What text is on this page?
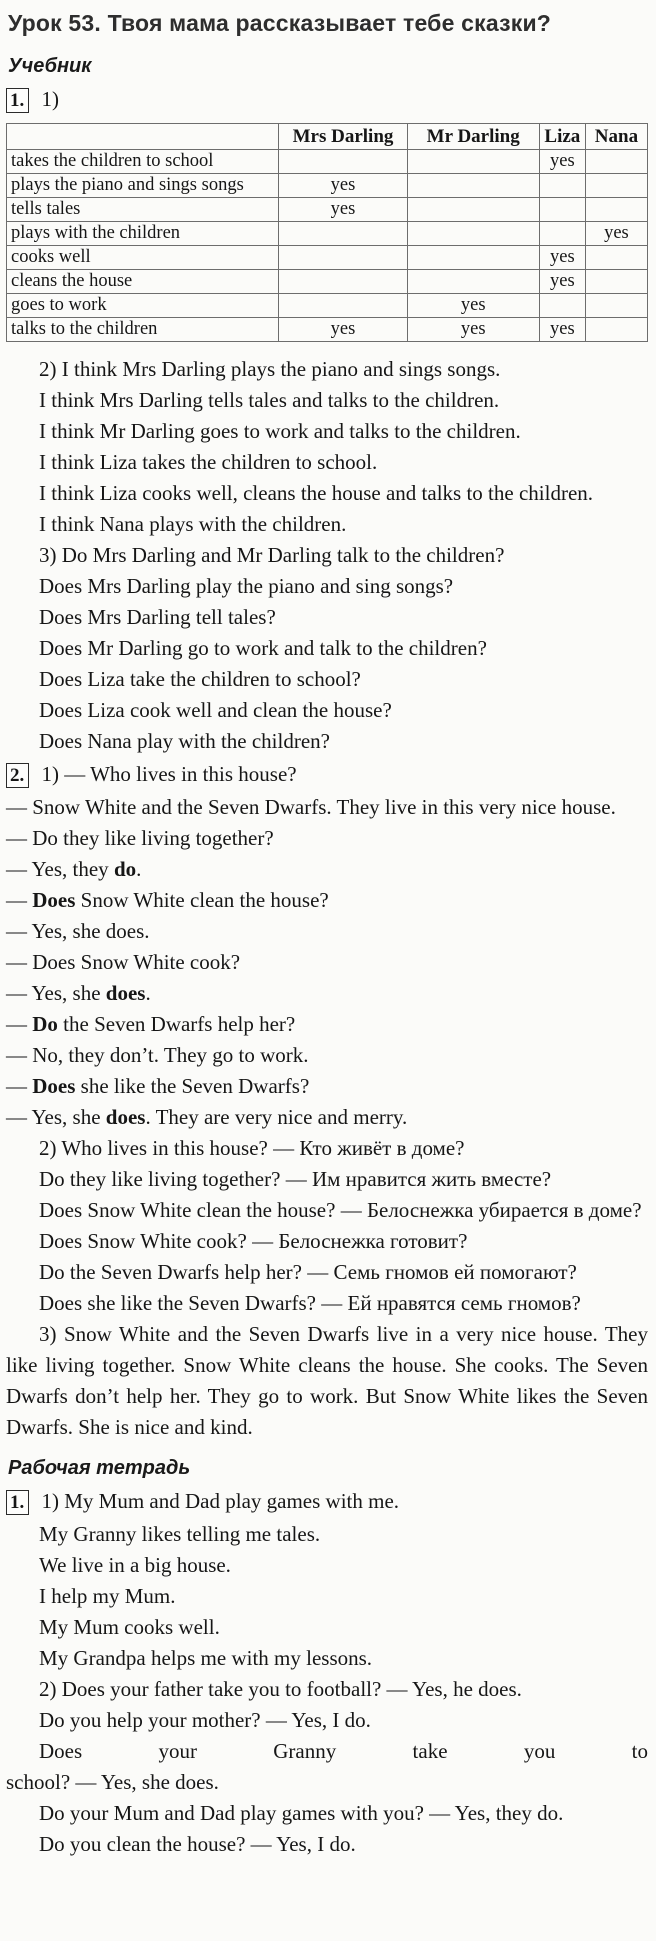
Урок 53. Твоя мама рассказывает тебе сказки?
Учебник

1. 1)

	Mrs Darling	Mr Darling	Liza	Nana
takes the children to school			yes	
plays the piano and sings songs	yes			
tells tales	yes			
plays with the children				yes
cooks well			yes	
cleans the house			yes	
goes to work		yes		
talks to the children	yes	yes	yes	

2) I think Mrs Darling plays the piano and sings songs.

I think Mrs Darling tells tales and talks to the children.

I think Mr Darling goes to work and talks to the children.

I think Liza takes the children to school.

I think Liza cooks well, cleans the house and talks to the children.

I think Nana plays with the children.

3) Do Mrs Darling and Mr Darling talk to the children?

Does Mrs Darling play the piano and sing songs?

Does Mrs Darling tell tales?

Does Mr Darling go to work and talk to the children?

Does Liza take the children to school?

Does Liza cook well and clean the house?

Does Nana play with the children?

2. 1) — Who lives in this house?

— Snow White and the Seven Dwarfs. They live in this very nice house.

— Do they like living together?

— Yes, they do.

— Does Snow White clean the house?

— Yes, she does.

— Does Snow White cook?

— Yes, she does.

— Do the Seven Dwarfs help her?

— No, they don’t. They go to work.

— Does she like the Seven Dwarfs?

— Yes, she does. They are very nice and merry.

2) Who lives in this house? — Кто живёт в доме?

Do they like living together? — Им нравится жить вместе?

Does Snow White clean the house? — Белоснежка убирается в доме?

Does Snow White cook? — Белоснежка готовит?

Do the Seven Dwarfs help her? — Семь гномов ей помогают?

Does she like the Seven Dwarfs? — Ей нравятся семь гномов?

3) Snow White and the Seven Dwarfs live in a very nice house. They like living together. Snow White cleans the house. She cooks. The Seven Dwarfs don’t help her. They go to work. But Snow White likes the Seven Dwarfs. She is nice and kind.

Рабочая тетрадь

1. 1) My Mum and Dad play games with me.

My Granny likes telling me tales.

We live in a big house.

I help my Mum.

My Mum cooks well.

My Grandpa helps me with my lessons.

2) Does your father take you to football? — Yes, he does.

Do you help your mother? — Yes, I do.

Does your Granny take you to
school? — Yes, she does.

Do your Mum and Dad play games with you? — Yes, they do.

Do you clean the house? — Yes, I do.
